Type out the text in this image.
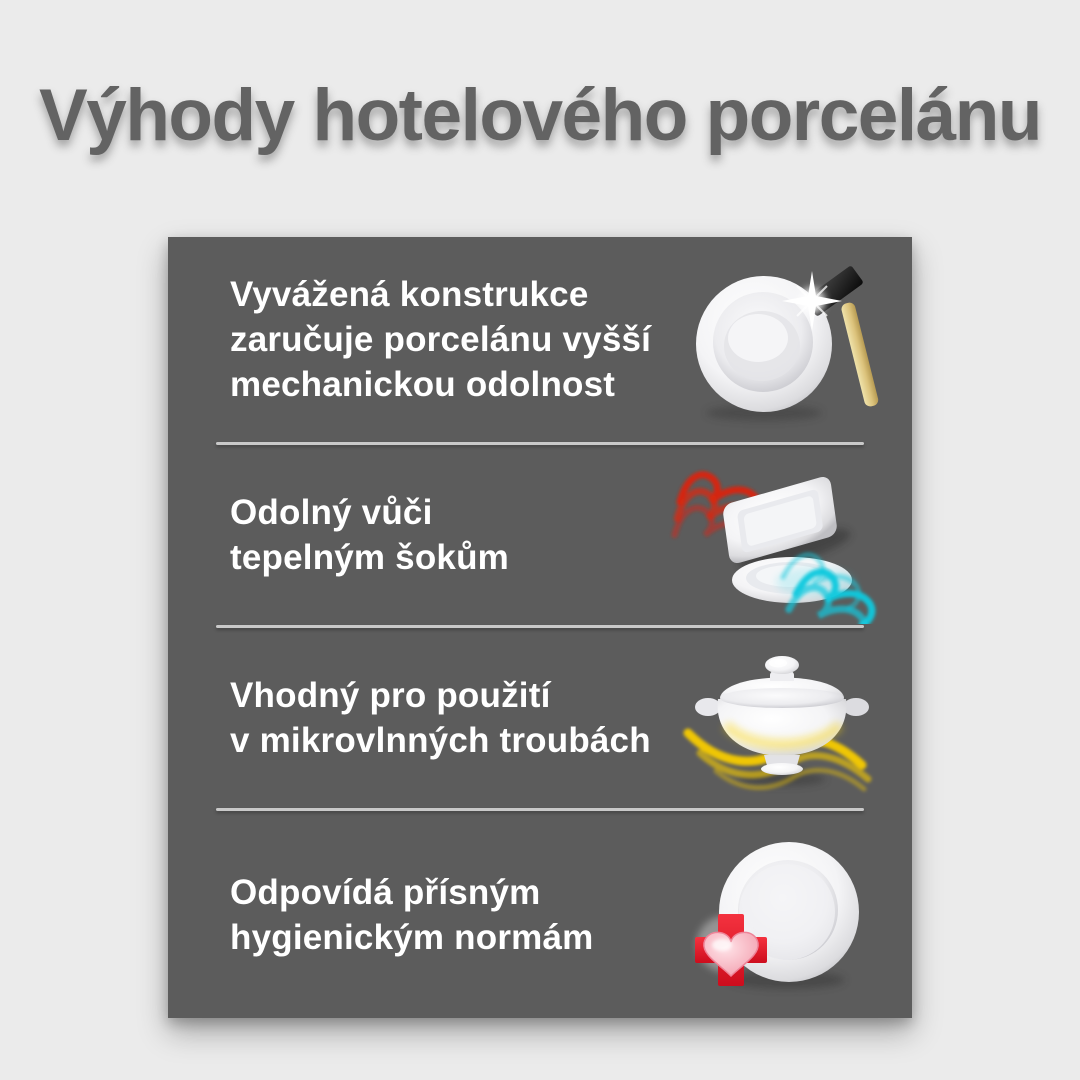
Výhody hotelového porcelánu
Vyvážená konstrukce
zaručuje porcelánu vyšší
mechanickou odolnost
Odolný vůči
tepelným šokům
Vhodný pro použití
v mikrovlnných troubách
Odpovídá přísným
hygienickým normám
